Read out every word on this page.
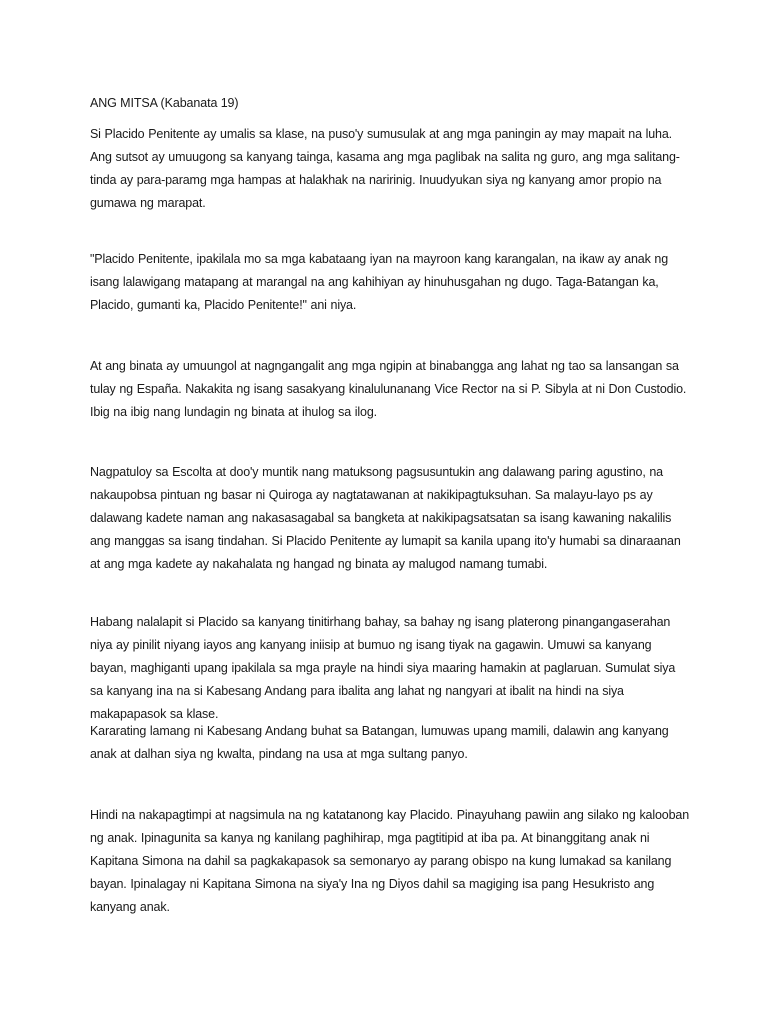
ANG MITSA (Kabanata 19)

Si Placido Penitente ay umalis sa klase, na puso'y sumusulak at ang mga paningin ay may mapait na luha. Ang sutsot ay umuugong sa kanyang tainga, kasama ang mga paglibak na salita ng guro, ang mga salitang-tinda ay para-paramg mga hampas at halakhak na naririnig. Inuudyukan siya ng kanyang amor propio na gumawa ng marapat.

"Placido Penitente, ipakilala mo sa mga kabataang iyan na mayroon kang karangalan, na ikaw ay anak ng isang lalawigang matapang at marangal na ang kahihiyan ay hinuhusgahan ng dugo. Taga-Batangan ka, Placido, gumanti ka, Placido Penitente!" ani niya.

At ang binata ay umuungol at nagngangalit ang mga ngipin at binabangga ang lahat ng tao sa lansangan sa tulay ng España. Nakakita ng isang sasakyang kinalulunanang Vice Rector na si P. Sibyla at ni Don Custodio. Ibig na ibig nang lundagin ng binata at ihulog sa ilog.

Nagpatuloy sa Escolta at doo'y muntik nang matuksong pagsusuntukin ang dalawang paring agustino, na nakaupobsa pintuan ng basar ni Quiroga ay nagtatawanan at nakikipagtuksuhan. Sa malayu-layo ps ay dalawang kadete naman ang nakasasagabal sa bangketa at nakikipagsatsatan sa isang kawaning nakalilis ang manggas sa isang tindahan. Si Placido Penitente ay lumapit sa kanila upang ito'y humabi sa dinaraanan at ang mga kadete ay nakahalata ng hangad ng binata ay malugod namang tumabi.

Habang nalalapit si Placido sa kanyang tinitirhang bahay, sa bahay ng isang platerong pinangangaserahan niya ay pinilit niyang iayos ang kanyang iniisip at bumuo ng isang tiyak na gagawin. Umuwi sa kanyang bayan, maghiganti upang ipakilala sa mga prayle na hindi siya maaring hamakin at paglaruan. Sumulat siya sa kanyang ina na si Kabesang Andang para ibalita ang lahat ng nangyari at ibalit na hindi na siya makapapasok sa klase.

Kararating lamang ni Kabesang Andang buhat sa Batangan, lumuwas upang mamili, dalawin ang kanyang anak at dalhan siya ng kwalta, pindang na usa at mga sultang panyo.

Hindi na nakapagtimpi at nagsimula na ng katatanong kay Placido. Pinayuhang pawiin ang silako ng kalooban ng anak. Ipinagunita sa kanya ng kanilang paghihirap, mga pagtitipid at iba pa. At binanggitang anak ni Kapitana Simona na dahil sa pagkakapasok sa semonaryo ay parang obispo na kung lumakad sa kanilang bayan. Ipinalagay ni Kapitana Simona na siya'y Ina ng Diyos dahil sa magiging isa pang Hesukristo ang kanyang anak.
